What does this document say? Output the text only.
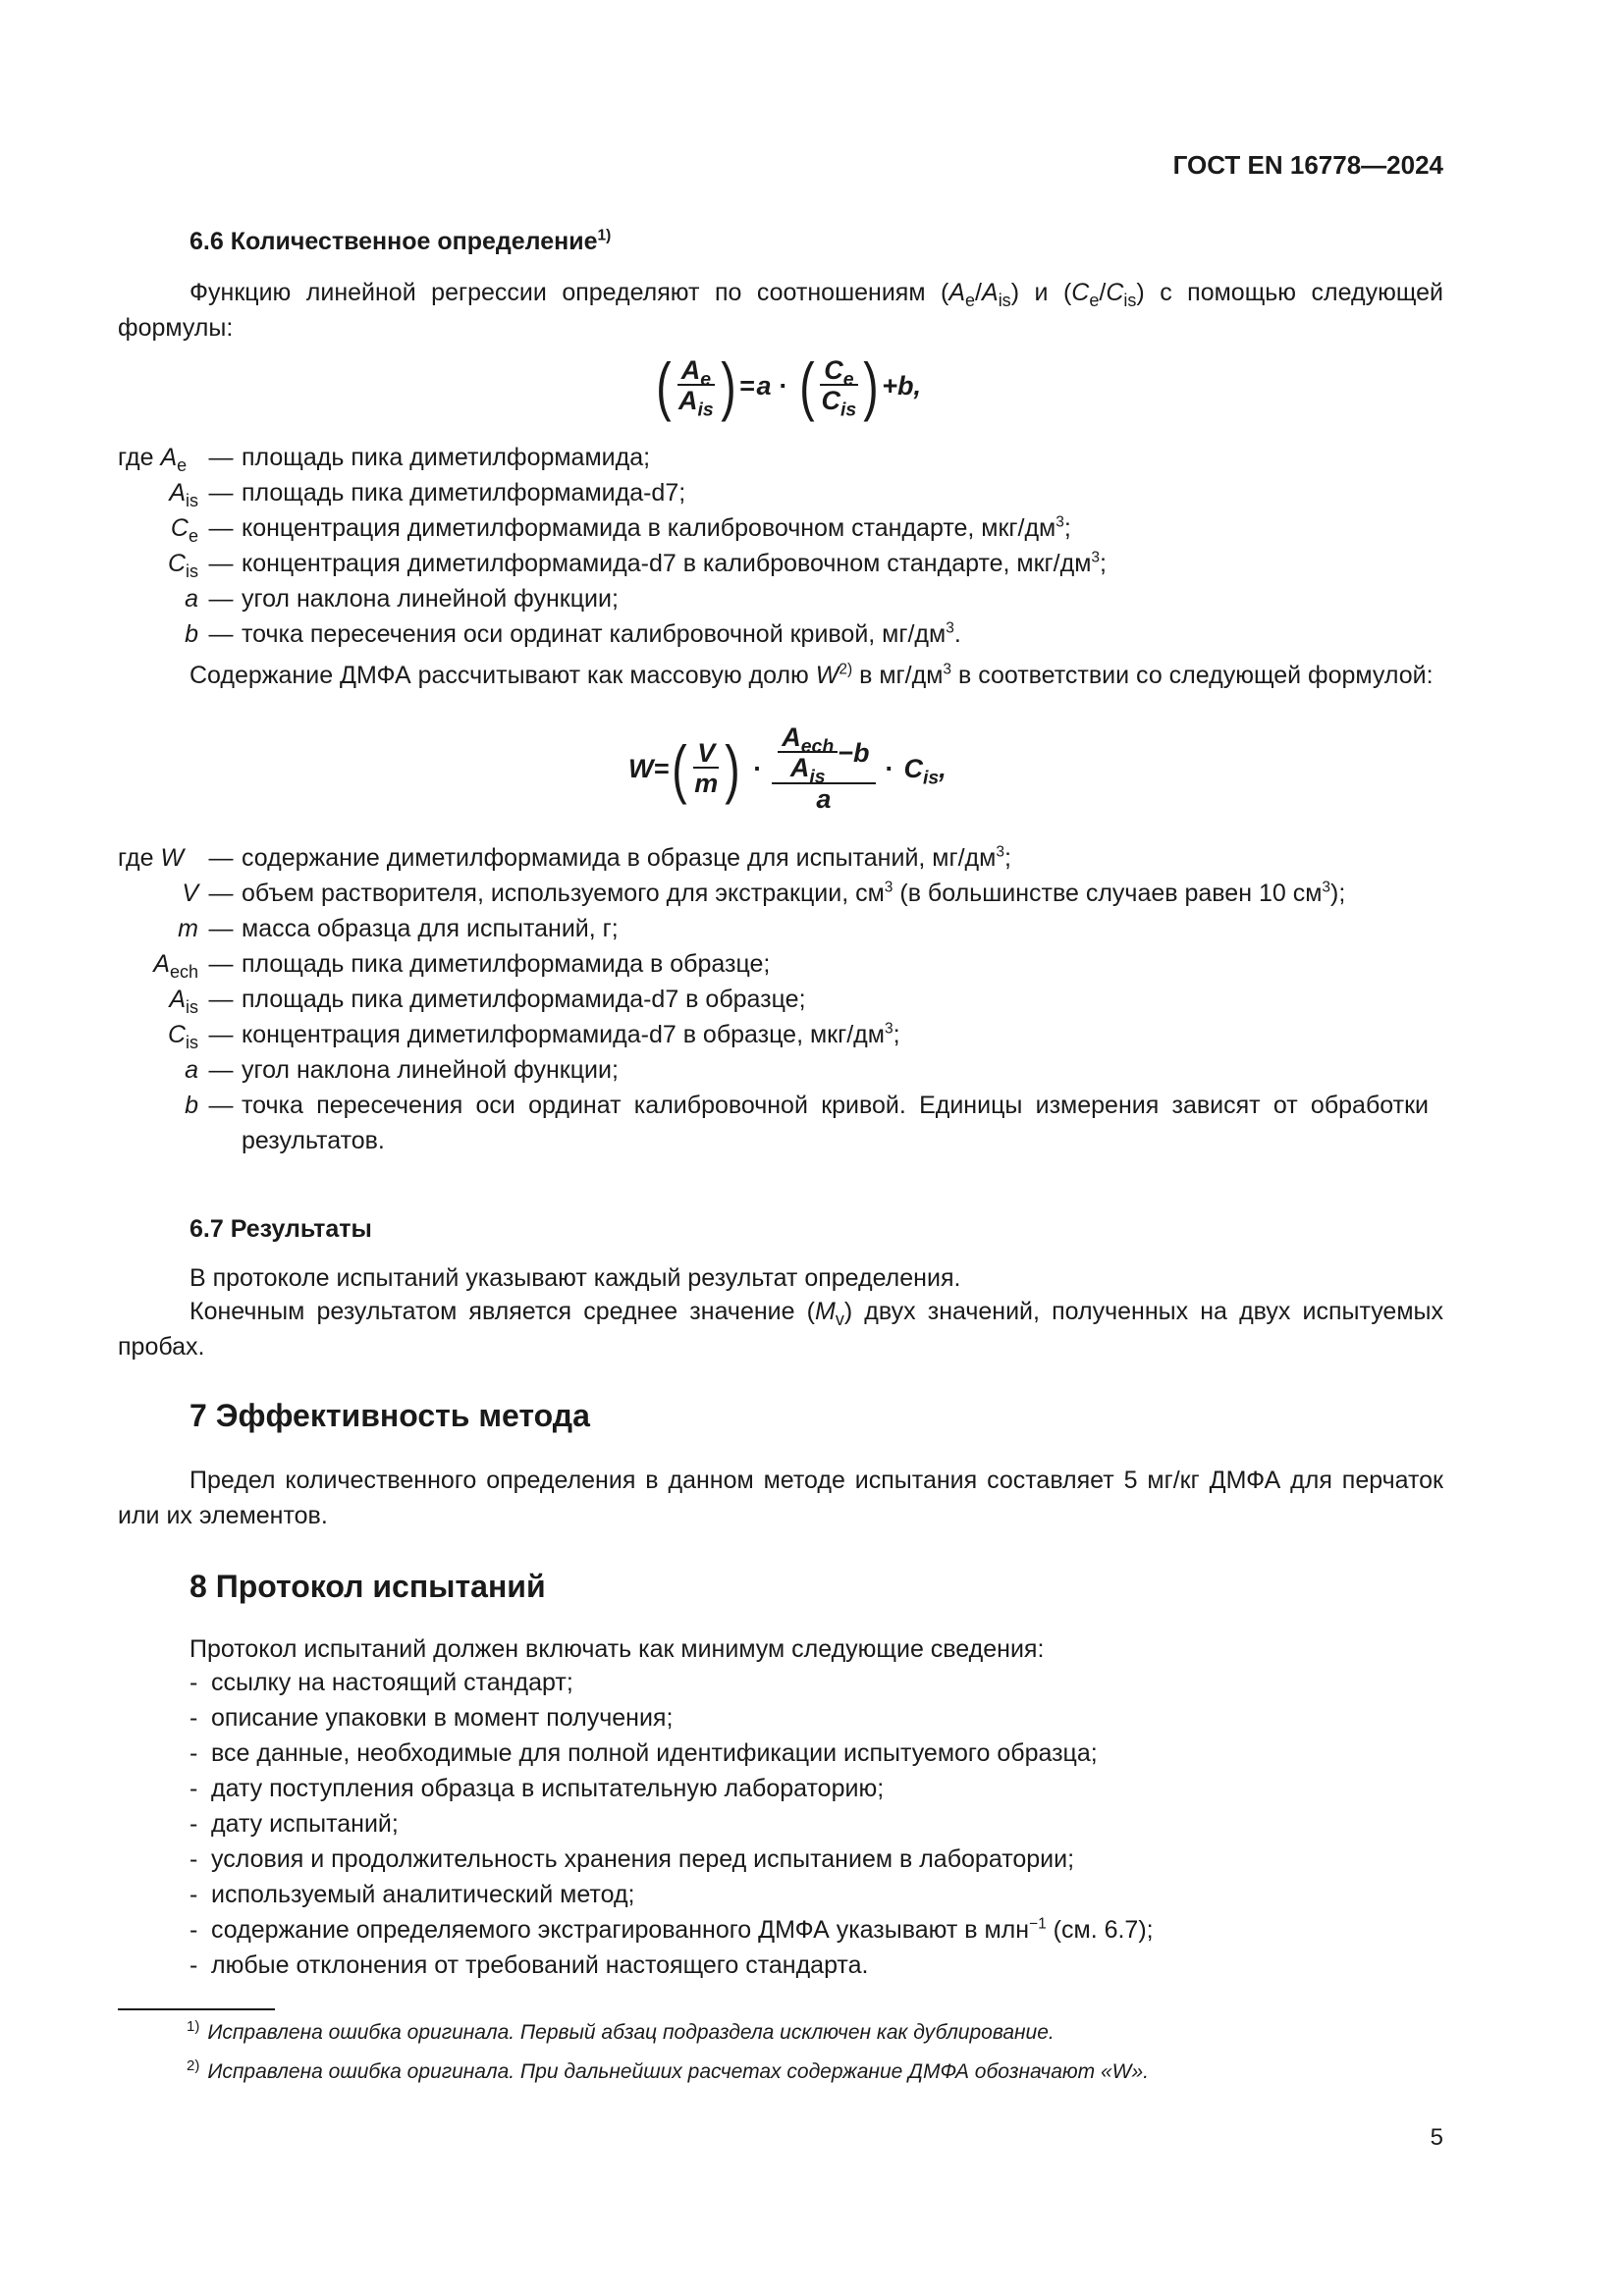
ГОСТ EN 16778—2024
6.6 Количественное определение$^{1)}$
Функцию линейной регрессии определяют по соотношениям $(A_e/A_{is})$ и $(C_e/C_{is})$ с помощью следующей формулы:
( $\frac{A_e}{A_{is}}$ ) = a · ( $\frac{C_e}{C_{is}}$ ) +b,
где $A_e$ — площадь пика диметилформамида;
$A_{is}$ — площадь пика диметилформамида-d7;
$C_e$ — концентрация диметилформамида в калибровочном стандарте, мкг/$дм^3$;
$C_{is}$ — концентрация диметилформамида-d7 в калибровочном стандарте, мкг/$дм^3$;
a — угол наклона линейной функции;
b — точка пересечения оси ординат калибровочной кривой, $мг/дм^3$.
Содержание ДМФА рассчитывают как массовую долю $W^{2)}$ в $мг/дм^3$ в соответствии со следующей формулой:
W = ( $\frac{V}{m}$ ) · $\frac{\frac{A_{ech}}{A_{is}} -b}{a} \cdot C_{is}$ ,
где W	— содержание диметилформамида в образце для испытаний, $мг/дм^3$;
V — объем растворителя, используемого для экстракции, $см^3$ (в большинстве случаев равен 10 $см^3$);
m — масса образца для испытаний, г;
$A_{ech}$ — площадь пика диметилформамида в образце;
$A_{is}$ — площадь пика диметилформамида-d7 в образце;
$C_{is}$ — концентрация диметилформамида-d7 в образце, мкг/$дм^3$;
a — угол наклона линейной функции;
b — точка пересечения оси ординат калибровочной кривой. Единицы измерения зависят от обработки результатов.
6.7 Результаты
В протоколе испытаний указывают каждый результат определения.
Конечным результатом является среднее значение $(M_v)$ двух значений, полученных на двух испытуемых пробах.
7 Эффективность метода
Предел количественного определения в данном методе испытания составляет 5 мг/кг ДМФА для перчаток или их элементов.
8 Протокол испытаний
Протокол испытаний должен включать как минимум следующие сведения:
- ссылку на настоящий стандарт;
- описание упаковки в момент получения;
- все данные, необходимые для полной идентификации испытуемого образца;
- дату поступления образца в испытательную лабораторию;
- дату испытаний;
- условия и продолжительность хранения перед испытанием в лаборатории;
- используемый аналитический метод;
- содержание определяемого экстрагированного ДМФА указывают в млн$^{-1}$ (см. 6.7);
- любые отклонения от требований настоящего стандарта.
$^{1)}$ Исправлена ошибка оригинала. Первый абзац подраздела исключен как дублирование.
$^{2)}$ Исправлена ошибка оригинала. При дальнейших расчетах содержание ДМФА обозначают «W».
5
